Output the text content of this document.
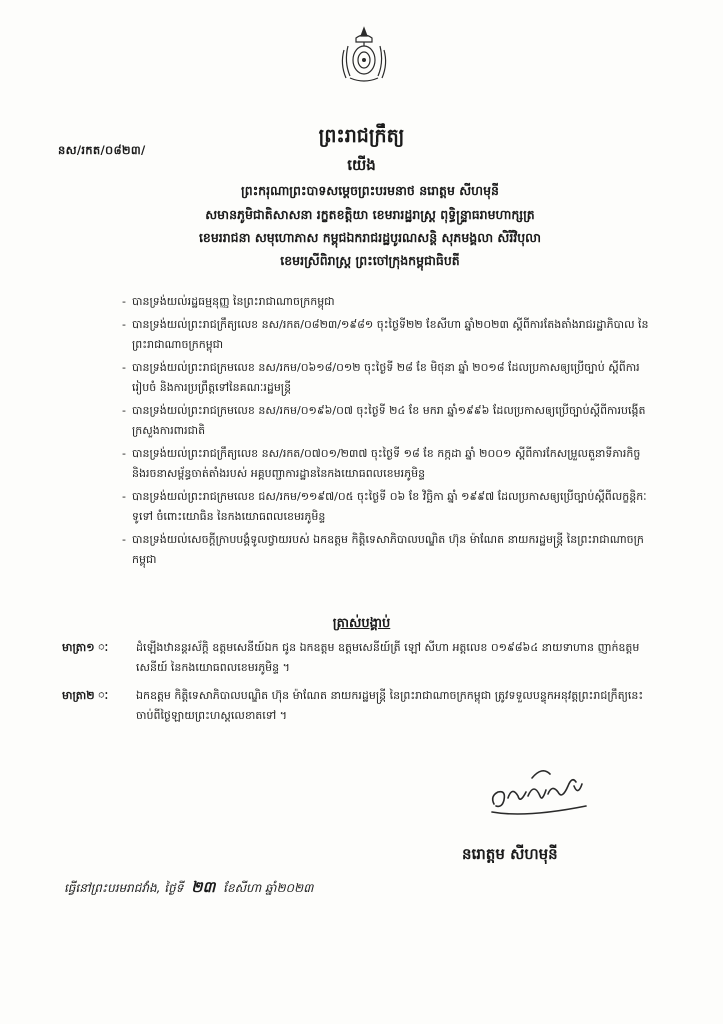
នស/រកត/០៨២៣/
ព្រះរាជក្រឹត្យ
យើង
ព្រះករុណាព្រះបាទសម្តេចព្រះបរមនាថ នរោត្តម សីហមុនី
សមានភូមិជាតិសាសនា រក្ខតខត្តិយា ខេមរារដ្ឋរាស្ត្រ ពុទ្ធិន្ទ្រាធរាមហាក្សត្រ
ខេមររាជនា សមុហោភាស កម្ពុជឯករាជរដ្ឋបូរណសន្តិ សុភមង្គលា សិរីវិបុលា
ខេមរស្រីពិរាស្ត្រ ព្រះចៅក្រុងកម្ពុជាធិបតី
- បានទ្រង់យល់រដ្ឋធម្មនុញ្ញ នៃព្រះរាជាណាចក្រកម្ពុជា
- បានទ្រង់យល់ព្រះរាជក្រឹត្យលេខ នស/រកត/០៨២៣/១៩៨១ ចុះថ្ងៃទី២២ ខែសីហា ឆ្នាំ២០២៣ ស្តីពីការតែងតាំងរាជរដ្ឋាភិបាល នៃព្រះរាជាណាចក្រកម្ពុជា
- បានទ្រង់យល់ព្រះរាជក្រមលេខ នស/រកម/០៦១៨/០១២ ចុះថ្ងៃទី ២៨ ខែ មិថុនា ឆ្នាំ ២០១៨ ដែលប្រកាសឲ្យប្រើច្បាប់ ស្តីពីការរៀបចំ និងការប្រព្រឹត្តទៅនៃគណៈរដ្ឋមន្ត្រី
- បានទ្រង់យល់ព្រះរាជក្រមលេខ នស/រកម/០១៩៦/០៧ ចុះថ្ងៃទី ២៤ ខែ មករា ឆ្នាំ១៩៩៦ ដែលប្រកាសឲ្យប្រើច្បាប់ស្តីពីការបង្កើត ក្រសួងការពារជាតិ
- បានទ្រង់យល់ព្រះរាជក្រឹត្យលេខ នស/រកត/០៧០១/២៣៧ ចុះថ្ងៃទី ១៨ ខែ កក្កដា ឆ្នាំ ២០០១ ស្តីពីការកែសម្រួលតួនាទីភារកិច្ចនិងរចនាសម្ព័ន្ធចាត់តាំងរបស់ អគ្គបញ្ជាការដ្ឋាននៃកងយោធពលខេមរភូមិន្ទ
- បានទ្រង់យល់ព្រះរាជក្រមលេខ ជស/រកម/១១៩៧/០៥ ចុះថ្ងៃទី ០៦ ខែ វិច្ឆិកា ឆ្នាំ ១៩៩៧ ដែលប្រកាសឲ្យប្រើច្បាប់ស្តីពីលក្ខន្តិកៈទូទៅ ចំពោះយោធិន នៃកងយោធពលខេមរភូមិន្ទ
- បានទ្រង់យល់សេចក្តីក្រាបបង្គំទូលថ្វាយរបស់ ឯកឧត្តម កិត្តិទេសាភិបាលបណ្ឌិត ហ៊ុន ម៉ាណែត នាយករដ្ឋមន្ត្រី នៃព្រះរាជាណាចក្រកម្ពុជា
ត្រាស់បង្គាប់
មាត្រា១ ៈ	ដំឡើងឋានន្តរស័ក្តិ ឧត្តមសេនីយ៍ឯក ជូន ឯកឧត្តម ឧត្តមសេនីយ៍ត្រី ឡៅ សីហា អត្តលេខ ០១៩៨៦៤ នាយទាហាន ញាក់ឧត្តមសេនីយ៍ នៃកងយោធពលខេមរភូមិន្ទ ។
មាត្រា២ ៈ	ឯកឧត្តម កិត្តិទេសាភិបាលបណ្ឌិត ហ៊ុន ម៉ាណែត នាយករដ្ឋមន្ត្រី នៃព្រះរាជាណាចក្រកម្ពុជា ត្រូវទទួលបន្ទុកអនុវត្តព្រះរាជក្រឹត្យនេះ ចាប់ពីថ្ងៃឡាយព្រះហស្តលេខាតទៅ ។
នរោត្តម សីហមុនី
ធ្វើនៅព្រះបរមរាជវាំង, ថ្ងៃទី ២៣ ខែសីហា ឆ្នាំ២០២៣
